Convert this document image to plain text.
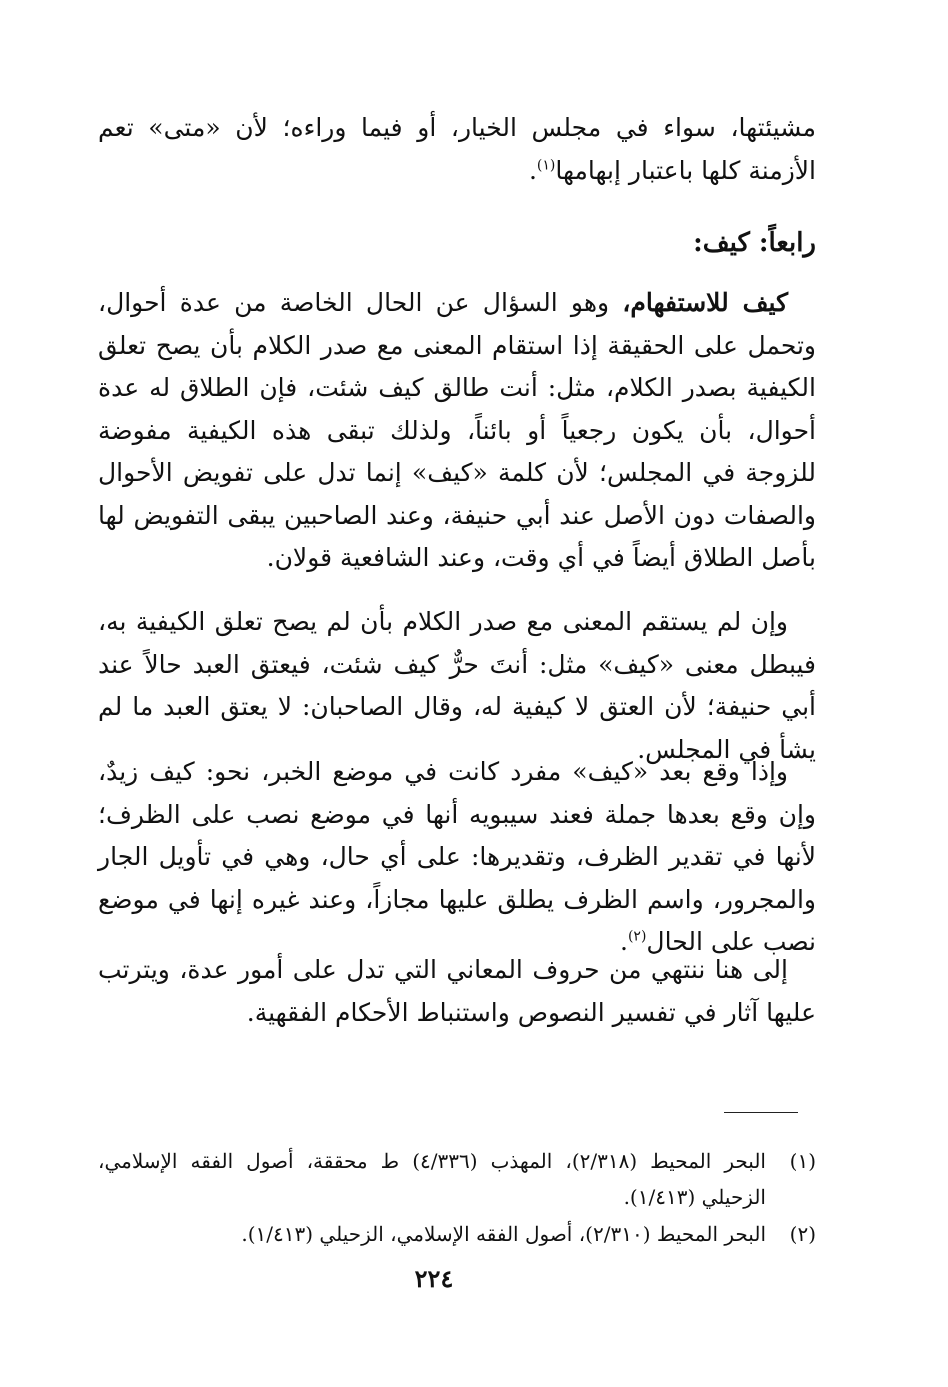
مشيئتها، سواء في مجلس الخيار، أو فيما وراءه؛ لأن «متى» تعم الأزمنة كلها باعتبار إبهامها$^{(١)}$.

رابعاً: كيف:

كيف للاستفهام، وهو السؤال عن الحال الخاصة من عدة أحوال، وتحمل على الحقيقة إذا استقام المعنى مع صدر الكلام بأن يصح تعلق الكيفية بصدر الكلام، مثل: أنت طالق كيف شئت، فإن الطلاق له عدة أحوال، بأن يكون رجعياً أو بائناً، ولذلك تبقى هذه الكيفية مفوضة للزوجة في المجلس؛ لأن كلمة «كيف» إنما تدل على تفويض الأحوال والصفات دون الأصل عند أبي حنيفة، وعند الصاحبين يبقى التفويض لها بأصل الطلاق أيضاً في أي وقت، وعند الشافعية قولان.

وإن لم يستقم المعنى مع صدر الكلام بأن لم يصح تعلق الكيفية به، فيبطل معنى «كيف» مثل: أنتَ حرٌّ كيف شئت، فيعتق العبد حالاً عند أبي حنيفة؛ لأن العتق لا كيفية له، وقال الصاحبان: لا يعتق العبد ما لم يشأ في المجلس.

وإذا وقع بعد «كيف» مفرد كانت في موضع الخبر، نحو: كيف زيدٌ، وإن وقع بعدها جملة فعند سيبويه أنها في موضع نصب على الظرف؛ لأنها في تقدير الظرف، وتقديرها: على أي حال، وهي في تأويل الجار والمجرور، واسم الظرف يطلق عليها مجازاً، وعند غيره إنها في موضع نصب على الحال$^{(٢)}$.

إلى هنا ننتهي من حروف المعاني التي تدل على أمور عدة، ويترتب عليها آثار في تفسير النصوص واستنباط الأحكام الفقهية.

(١)
البحر المحيط (٢/٣١٨)، المهذب (٤/٣٣٦) ط محققة، أصول الفقه الإسلامي، الزحيلي (١/٤١٣).
(٢)
البحر المحيط (٢/٣١٠)، أصول الفقه الإسلامي، الزحيلي (١/٤١٣).
٢٢٤
